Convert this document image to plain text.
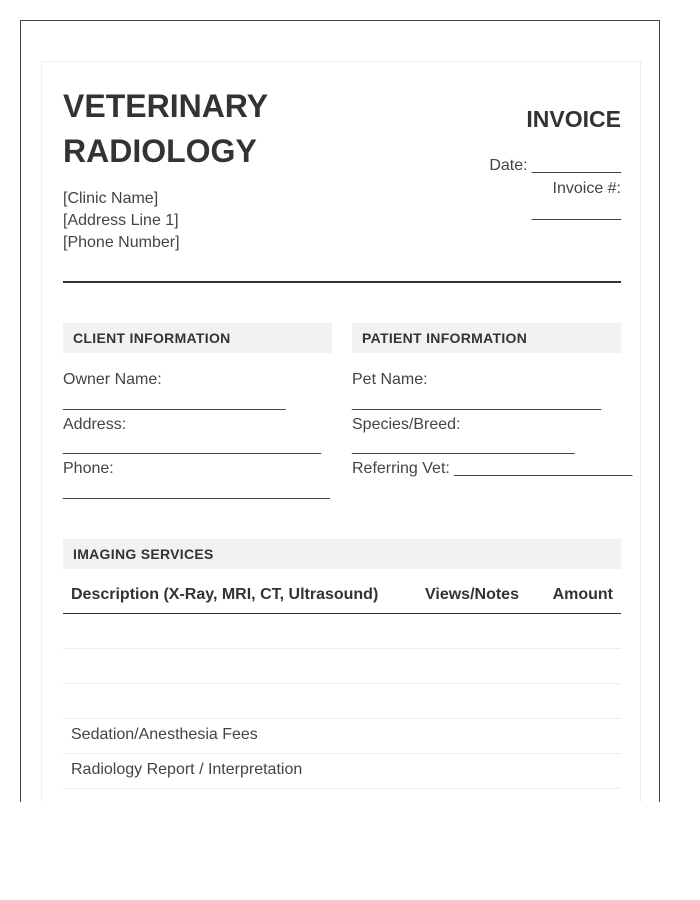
VETERINARY
RADIOLOGY
[Clinic Name]
[Address Line 1]
[Phone Number]
INVOICE
Date: __________
Invoice #:
__________
CLIENT INFORMATION	PATIENT INFORMATION
Owner Name:
_________________________
Address:
_____________________________
Phone:
______________________________
Pet Name:
____________________________
Species/Breed:
_________________________
Referring Vet: ____________________
IMAGING SERVICES
Description (X-Ray, MRI, CT, Ultrasound)	Views/Notes Amount
Sedation/Anesthesia Fees
Radiology Report / Interpretation
